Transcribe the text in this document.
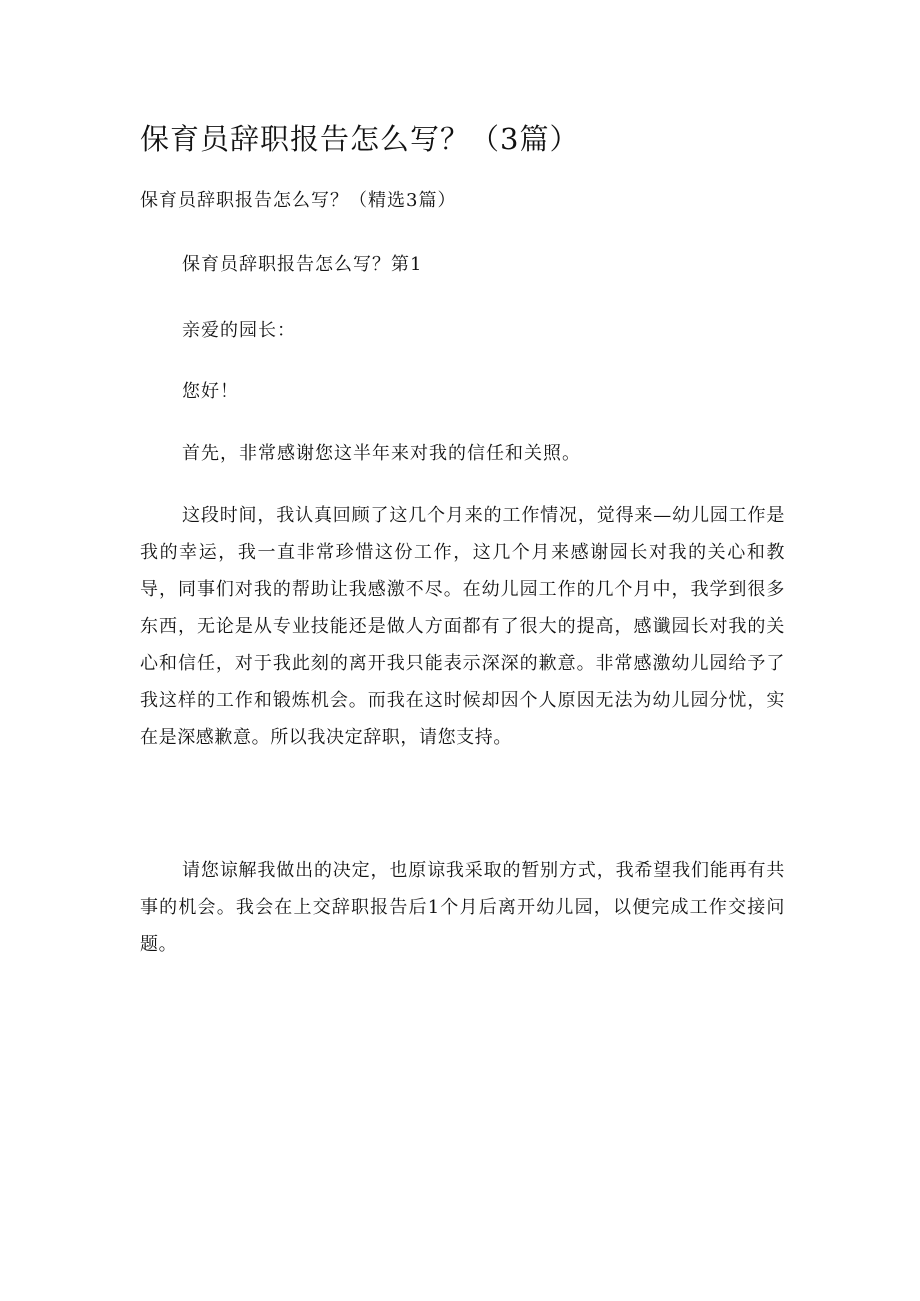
保育员辞职报告怎么写？（3篇）

保育员辞职报告怎么写？（精选3篇）

保育员辞职报告怎么写？第1

亲爱的园长：

您好！

首先，非常感谢您这半年来对我的信任和关照。

这段时间，我认真回顾了这几个月来的工作情况，觉得来—幼儿园工作是我的幸运，我一直非常珍惜这份工作，这几个月来感谢园长对我的关心和教导，同事们对我的帮助让我感激不尽。在幼儿园工作的几个月中，我学到很多东西，无论是从专业技能还是做人方面都有了很大的提高，感谶园长对我的关心和信任，对于我此刻的离开我只能表示深深的歉意。非常感激幼儿园给予了我这样的工作和锻炼机会。而我在这时候却因个人原因无法为幼儿园分忧，实在是深感歉意。所以我决定辞职，请您支持。

请您谅解我做出的决定，也原谅我采取的暂别方式，我希望我们能再有共事的机会。我会在上交辞职报告后1个月后离开幼儿园，以便完成工作交接问题。
